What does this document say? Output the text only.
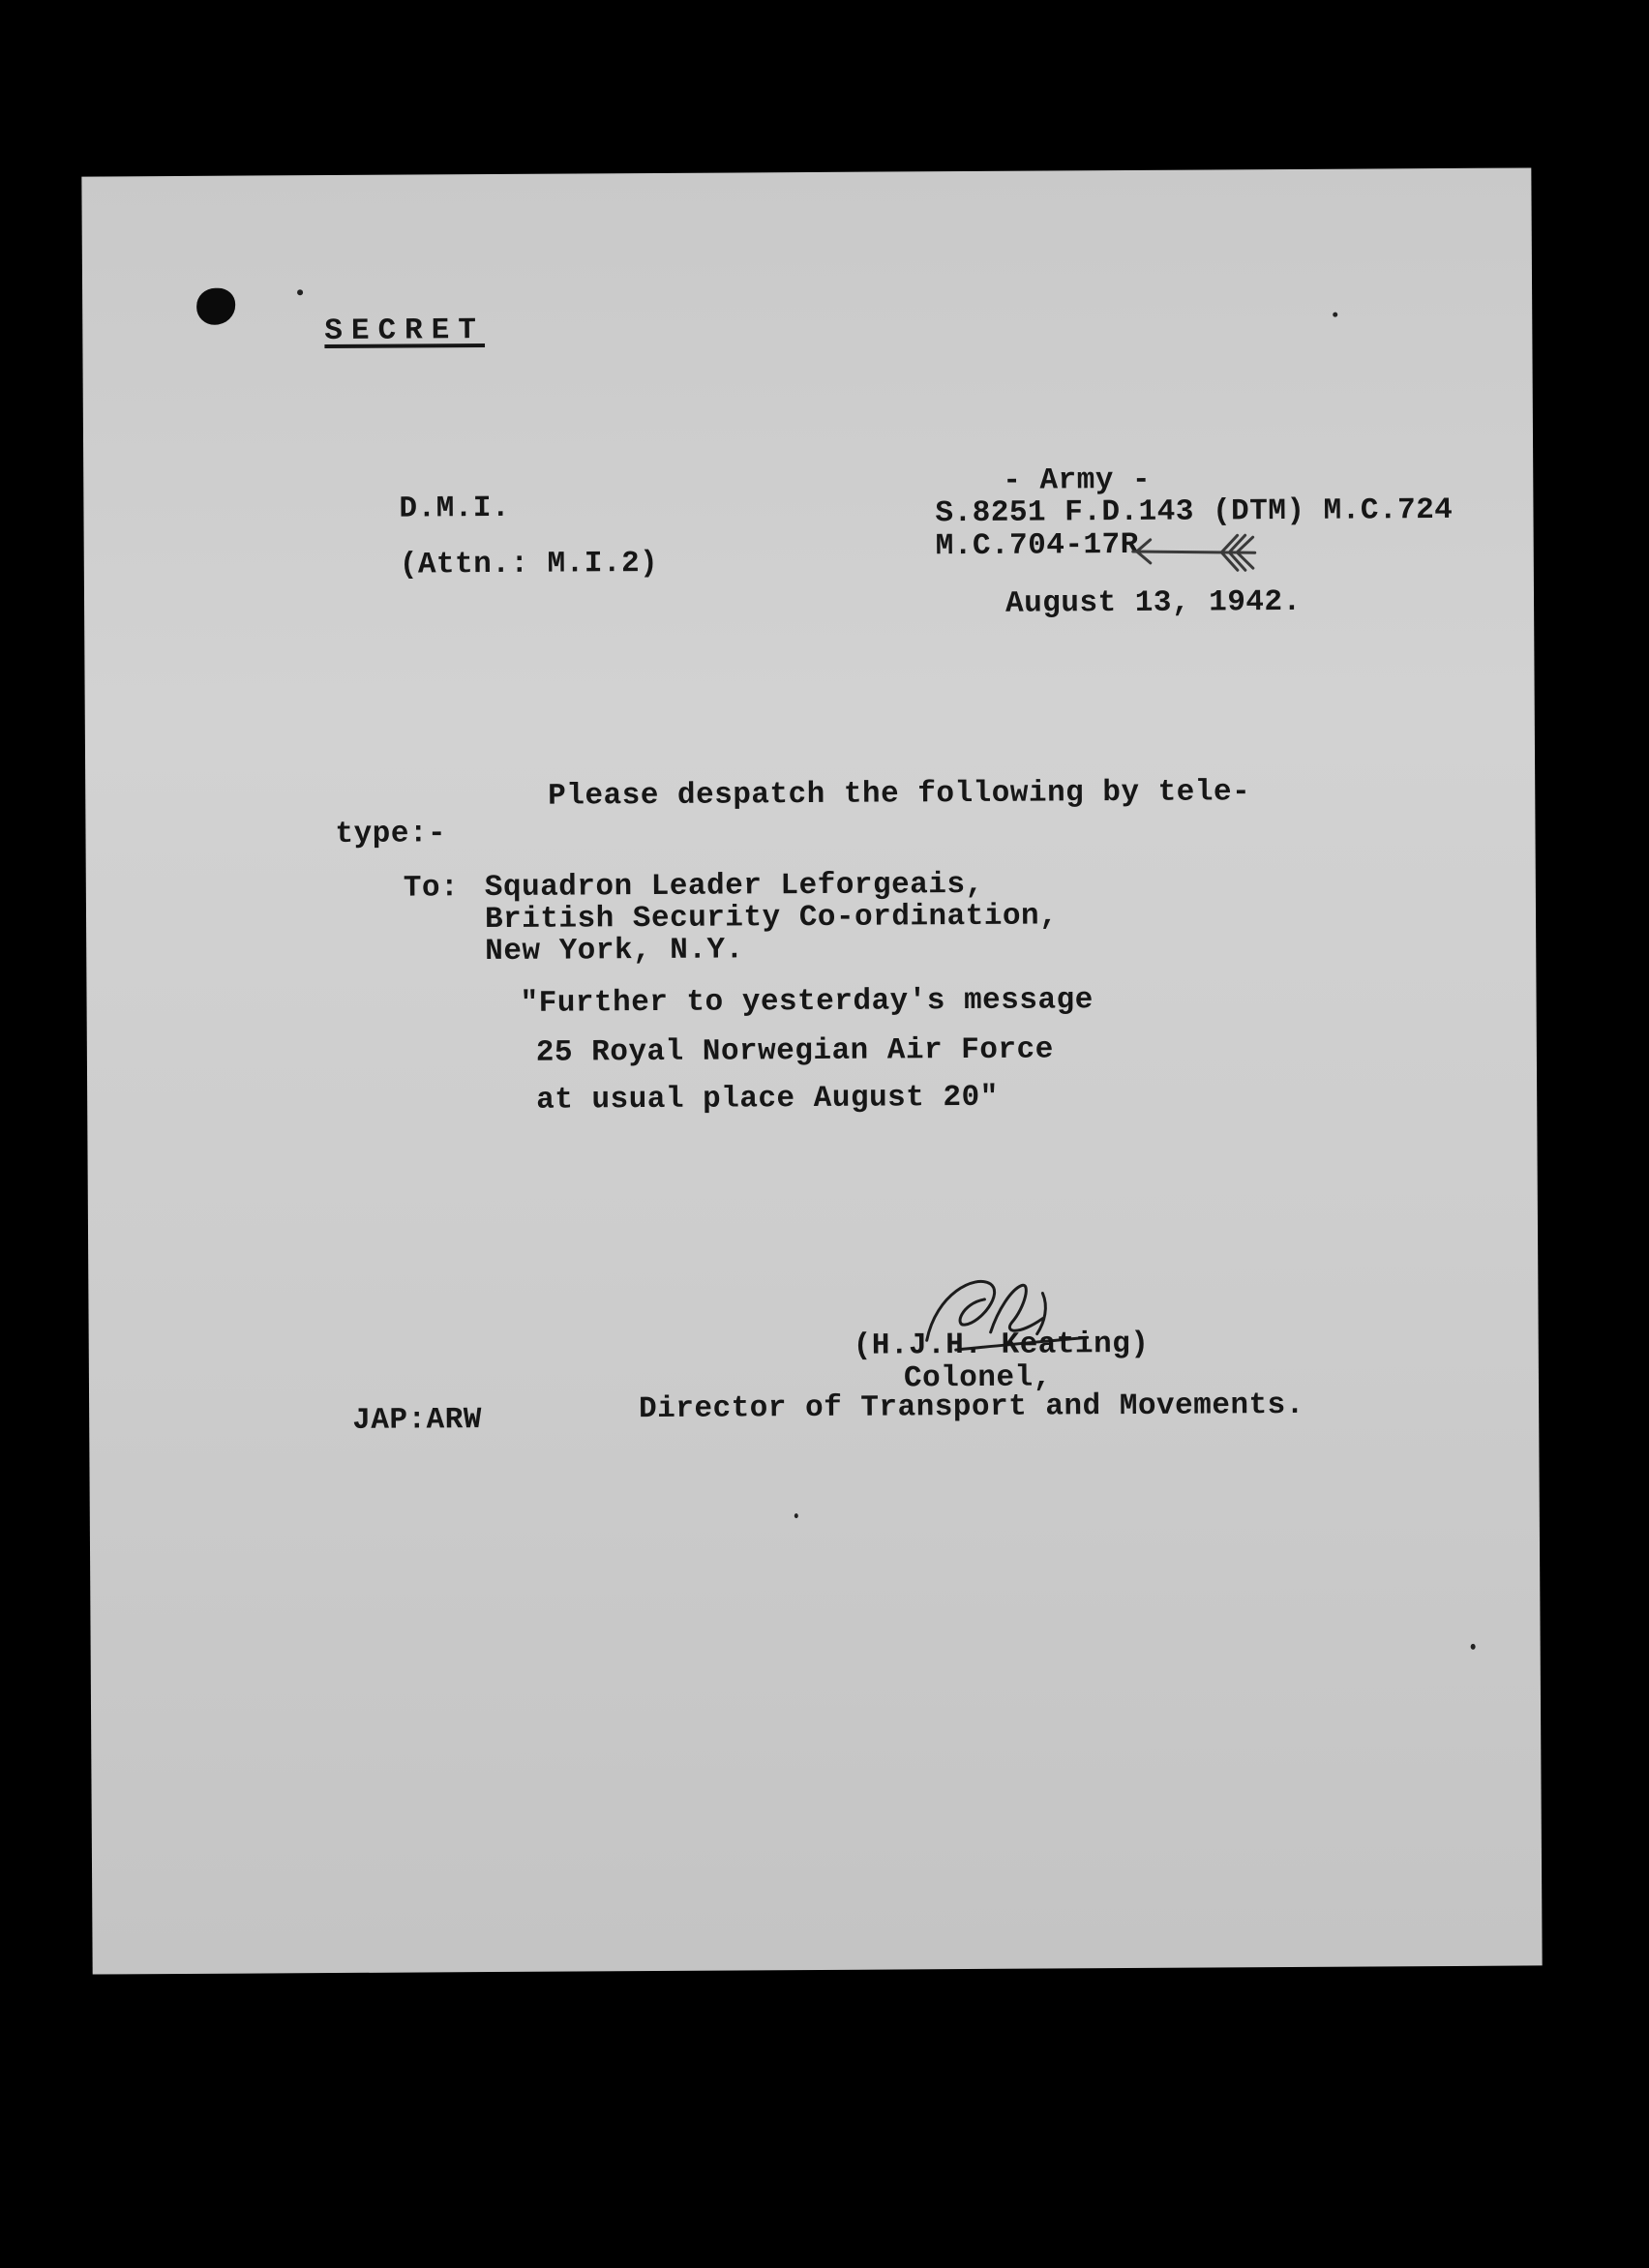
SECRET
D.M.I.
(Attn.: M.I.2)
- Army -
S.8251 F.D.143 (DTM) M.C.724
M.C.704-17R
August 13, 1942.
Please despatch the following by tele-
type:-
To: Squadron Leader Leforgeais,
British Security Co-ordination,
New York, N.Y.
"Further to yesterday's message
25 Royal Norwegian Air Force
at usual place August 20"
(H.J.H. Keating)
Colonel,
Director of Transport and Movements.
JAP:ARW
